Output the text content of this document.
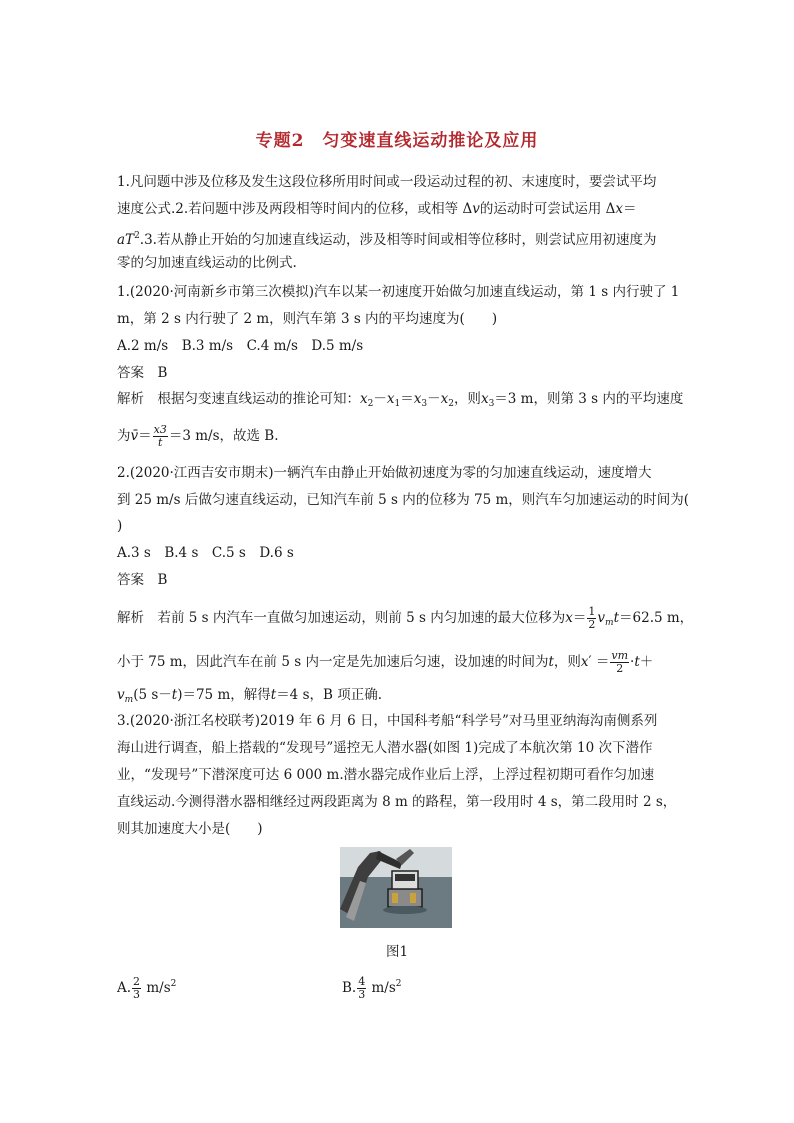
专题2　匀变速直线运动推论及应用
1.凡问题中涉及位移及发生这段位移所用时间或一段运动过程的初、末速度时，要尝试平均
速度公式.2.若问题中涉及两段相等时间内的位移，或相等 Δv的运动时可尝试运用 Δx＝
$aT^2.3$.若从静止开始的匀加速直线运动，涉及相等时间或相等位移时，则尝试应用初速度为
零的匀加速直线运动的比例式.
1.(2020·河南新乡市第三次模拟)汽车以某一初速度开始做匀加速直线运动，第 1 s 内行驶了 1
m，第 2 s 内行驶了 2 m，则汽车第 3 s 内的平均速度为(　　)
A.2 m/s　B.3 m/s　C.4 m/s　D.5 m/s
答案　B
解析　根据匀变速直线运动的推论可知：$x_2-x_1=x_3-x_2$，则$x_3=3$ m，则第 3 s 内的平均速度
为v̄＝ $\frac{x3}{t} =3$ m/s，故选 B.
2.(2020·江西吉安市期末)一辆汽车由静止开始做初速度为零的匀加速直线运动，速度增大
到 25 m/s 后做匀速直线运动，已知汽车前 5 s 内的位移为 75 m，则汽车匀加速运动的时间为(
)
A.3 s　B.4 s　C.5 s　D.6 s
答案　B
解析　若前 5 s 内汽车一直做匀加速运动，则前 5 s 内匀加速的最大位移为$x= \frac{1}{2} v_mt=62.5$ m，
小于 75 m，因此汽车在前 5 s 内一定是先加速后匀速，设加速的时间为t，则$x' = \frac{vm}{2} \cdot t+$
$v_m(5$ s－t)＝75 m，解得t＝4 s，B 项正确.
3.(2020·浙江名校联考)2019 年 6 月 6 日，中国科考船“科学号”对马里亚纳海沟南侧系列
海山进行调查，船上搭载的“发现号”遥控无人潜水器(如图 1)完成了本航次第 10 次下潜作
业，“发现号”下潜深度可达 6 000 m.潜水器完成作业后上浮，上浮过程初期可看作匀加速
直线运动.今测得潜水器相继经过两段距离为 8 m 的路程，第一段用时 4 s，第二段用时 2 s，
则其加速度大小是(　　)
图1
A. $\frac{2}{3} m/s^2$	B. $\frac{4}{3} m/s^2$
